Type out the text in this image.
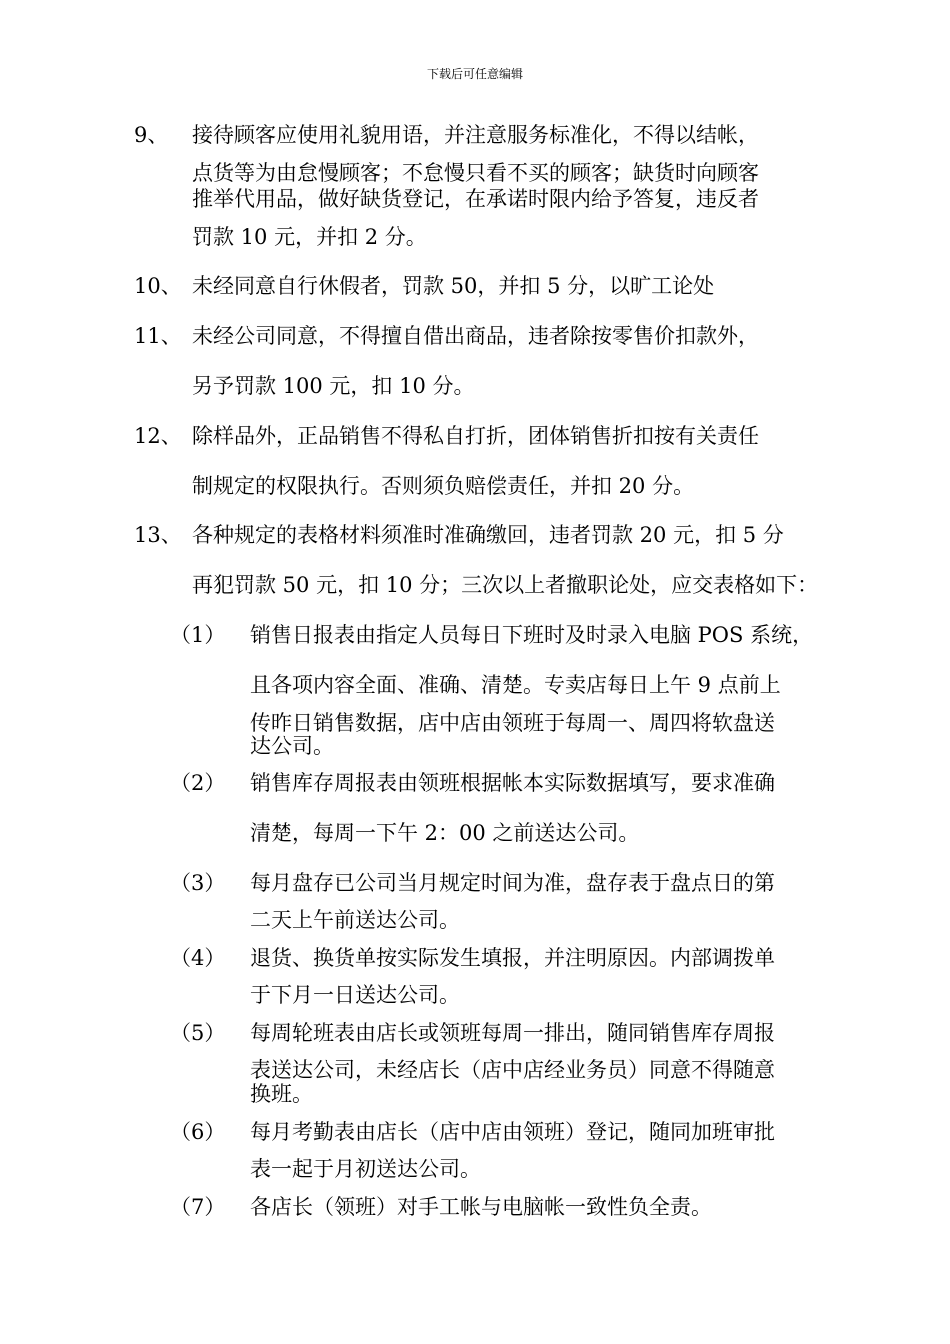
下载后可任意编辑
9、 接待顾客应使用礼貌用语，并注意服务标准化，不得以结帐，
点货等为由怠慢顾客；不怠慢只看不买的顾客；缺货时向顾客
推举代用品，做好缺货登记，在承诺时限内给予答复，违反者
罚款 10 元，并扣 2 分。
10、 未经同意自行休假者，罚款 50，并扣 5 分，以旷工论处
11、 未经公司同意，不得擅自借出商品，违者除按零售价扣款外，
另予罚款 100 元，扣 10 分。
12、 除样品外，正品销售不得私自打折，团体销售折扣按有关责任
制规定的权限执行。否则须负赔偿责任，并扣 20 分。
13、 各种规定的表格材料须准时准确缴回，违者罚款 20 元，扣 5 分
再犯罚款 50 元，扣 10 分；三次以上者撤职论处，应交表格如下：
（1） 销售日报表由指定人员每日下班时及时录入电脑 POS 系统，
且各项内容全面、准确、清楚。专卖店每日上午 9 点前上
传昨日销售数据，店中店由领班于每周一、周四将软盘送
达公司。
（2） 销售库存周报表由领班根据帐本实际数据填写，要求准确
清楚，每周一下午 2：00 之前送达公司。
（3） 每月盘存已公司当月规定时间为准，盘存表于盘点日的第
二天上午前送达公司。
（4） 退货、换货单按实际发生填报，并注明原因。内部调拨单
于下月一日送达公司。
（5） 每周轮班表由店长或领班每周一排出，随同销售库存周报
表送达公司，未经店长（店中店经业务员）同意不得随意
换班。
（6） 每月考勤表由店长（店中店由领班）登记，随同加班审批
表一起于月初送达公司。
（7） 各店长（领班）对手工帐与电脑帐一致性负全责。
